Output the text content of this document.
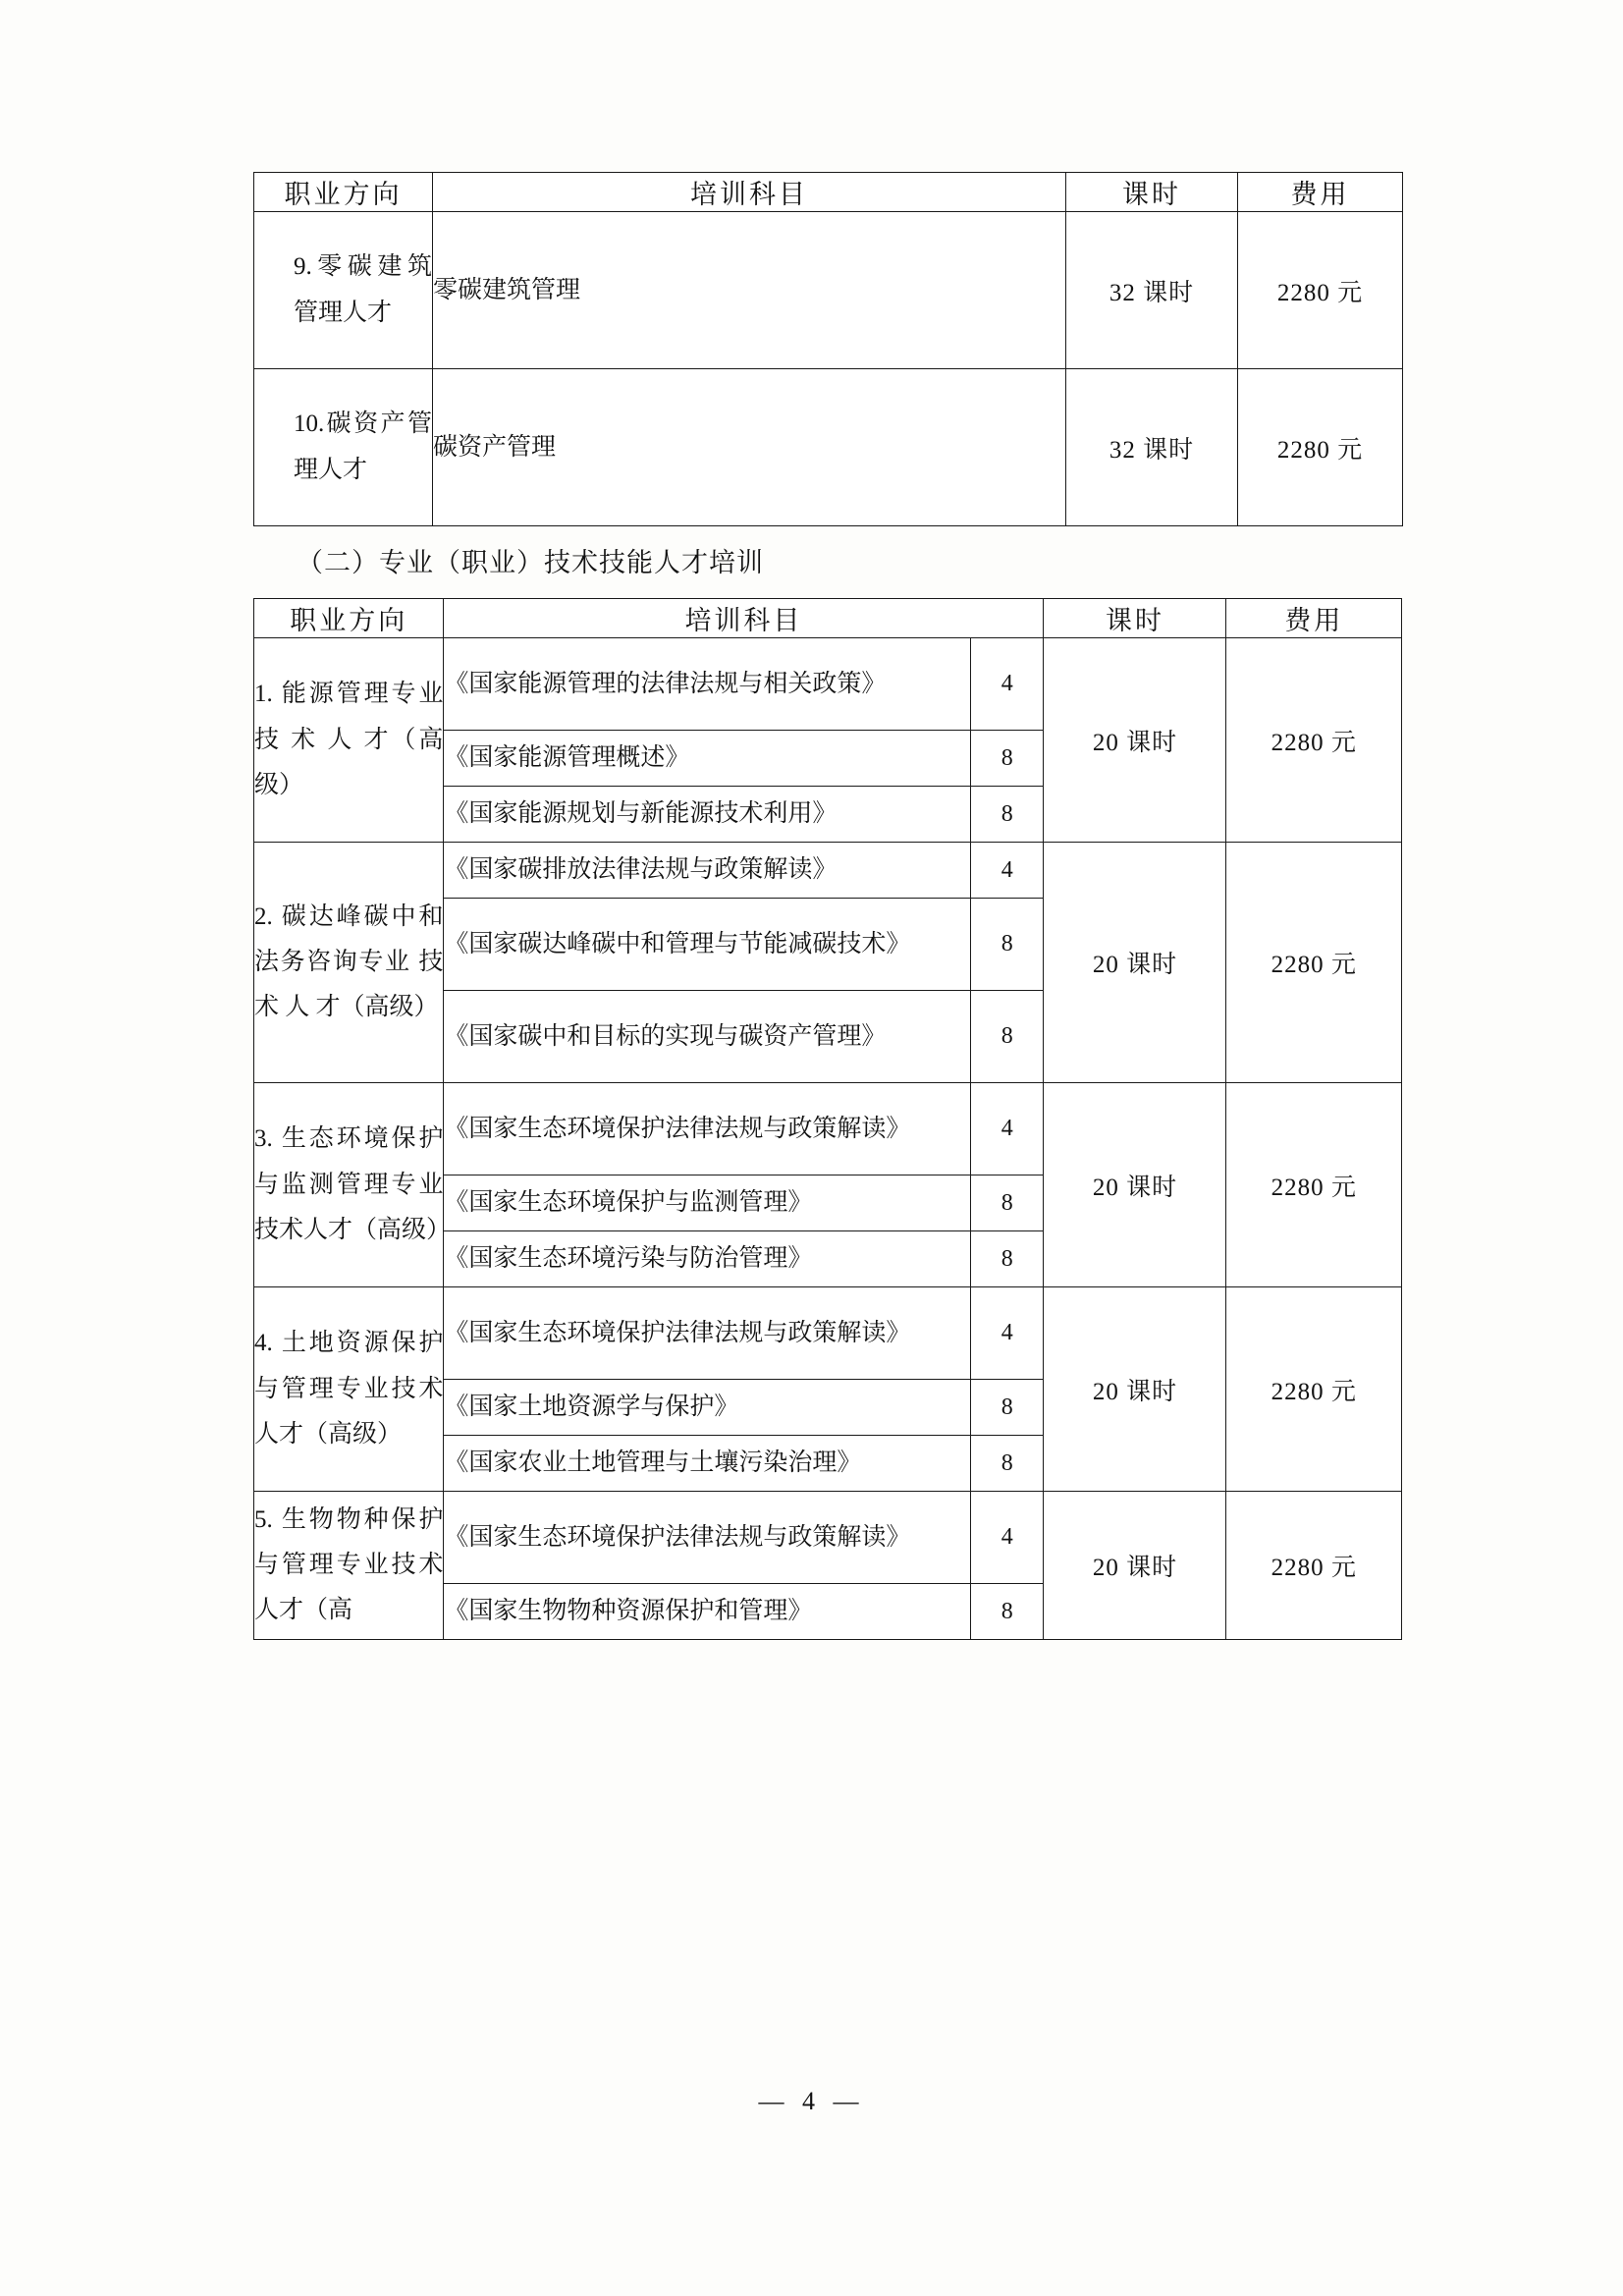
职业方向	培训科目	课时	费用
9.零碳建筑管理人才	零碳建筑管理	32 课时	2280 元
10.碳资产管理人才	碳资产管理	32 课时	2280 元
（二）专业（职业）技术技能人才培训
职业方向	培训科目		课时	费用
1. 能源管理专业 技 术 人 才（高级）	《国家能源管理的法律法规与相关政策》	4	20 课时	2280 元
	《国家能源管理概述》	8		
	《国家能源规划与新能源技术利用》	8		
2. 碳达峰碳中和法务咨询专业 技 术 人 才（高级）	《国家碳排放法律法规与政策解读》	4	20 课时	2280 元
	《国家碳达峰碳中和管理与节能减碳技术》	8		
	《国家碳中和目标的实现与碳资产管理》	8		
3. 生态环境保护与监测管理专业技术人才（高级）	《国家生态环境保护法律法规与政策解读》	4	20 课时	2280 元
	《国家生态环境保护与监测管理》	8		
	《国家生态环境污染与防治管理》	8		
4. 土地资源保护与管理专业技术人才（高级）	《国家生态环境保护法律法规与政策解读》	4	20 课时	2280 元
	《国家土地资源学与保护》	8		
	《国家农业土地管理与土壤污染治理》	8		
5. 生物物种保护与管理专业技术人才（高	《国家生态环境保护法律法规与政策解读》	4	20 课时	2280 元
	《国家生物物种资源保护和管理》	8		
— 4 —
